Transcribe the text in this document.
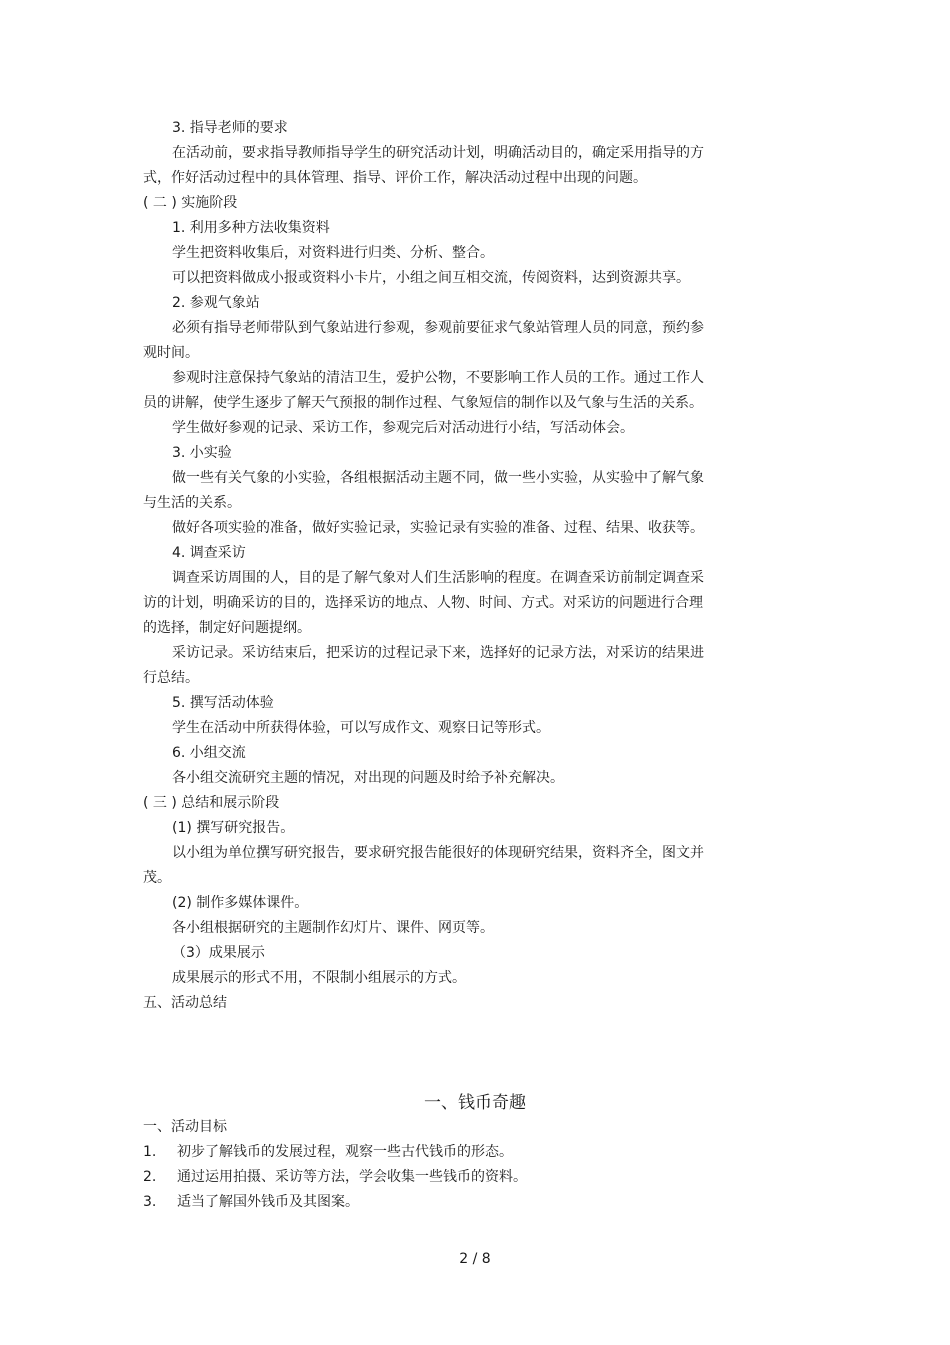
3. 指导老师的要求
在活动前，要求指导教师指导学生的研究活动计划，明确活动目的，确定采用指导的方
式，作好活动过程中的具体管理、指导、评价工作，解决活动过程中出现的问题。
( 二 ) 实施阶段
1. 利用多种方法收集资料
学生把资料收集后，对资料进行归类、分析、整合。
可以把资料做成小报或资料小卡片，小组之间互相交流，传阅资料，达到资源共享。
2. 参观气象站
必须有指导老师带队到气象站进行参观，参观前要征求气象站管理人员的同意，预约参
观时间。
参观时注意保持气象站的清洁卫生，爱护公物，不要影响工作人员的工作。通过工作人
员的讲解，使学生逐步了解天气预报的制作过程、气象短信的制作以及气象与生活的关系。
学生做好参观的记录、采访工作，参观完后对活动进行小结，写活动体会。
3. 小实验
做一些有关气象的小实验，各组根据活动主题不同，做一些小实验，从实验中了解气象
与生活的关系。
做好各项实验的准备，做好实验记录，实验记录有实验的准备、过程、结果、收获等。
4. 调查采访
调查采访周围的人，目的是了解气象对人们生活影响的程度。在调查采访前制定调查采
访的计划，明确采访的目的，选择采访的地点、人物、时间、方式。对采访的问题进行合理
的选择，制定好问题提纲。
采访记录。采访结束后，把采访的过程记录下来，选择好的记录方法，对采访的结果进
行总结。
5. 撰写活动体验
学生在活动中所获得体验，可以写成作文、观察日记等形式。
6. 小组交流
各小组交流研究主题的情况，对出现的问题及时给予补充解决。
( 三 ) 总结和展示阶段
(1) 撰写研究报告。
以小组为单位撰写研究报告，要求研究报告能很好的体现研究结果，资料齐全，图文并
茂。
(2) 制作多媒体课件。
各小组根据研究的主题制作幻灯片、课件、网页等。
（3）成果展示
成果展示的形式不用，不限制小组展示的方式。
五、活动总结
一、钱币奇趣
一、活动目标
1. 初步了解钱币的发展过程，观察一些古代钱币的形态。
2. 通过运用拍摄、采访等方法，学会收集一些钱币的资料。
3. 适当了解国外钱币及其图案。
2 / 8
